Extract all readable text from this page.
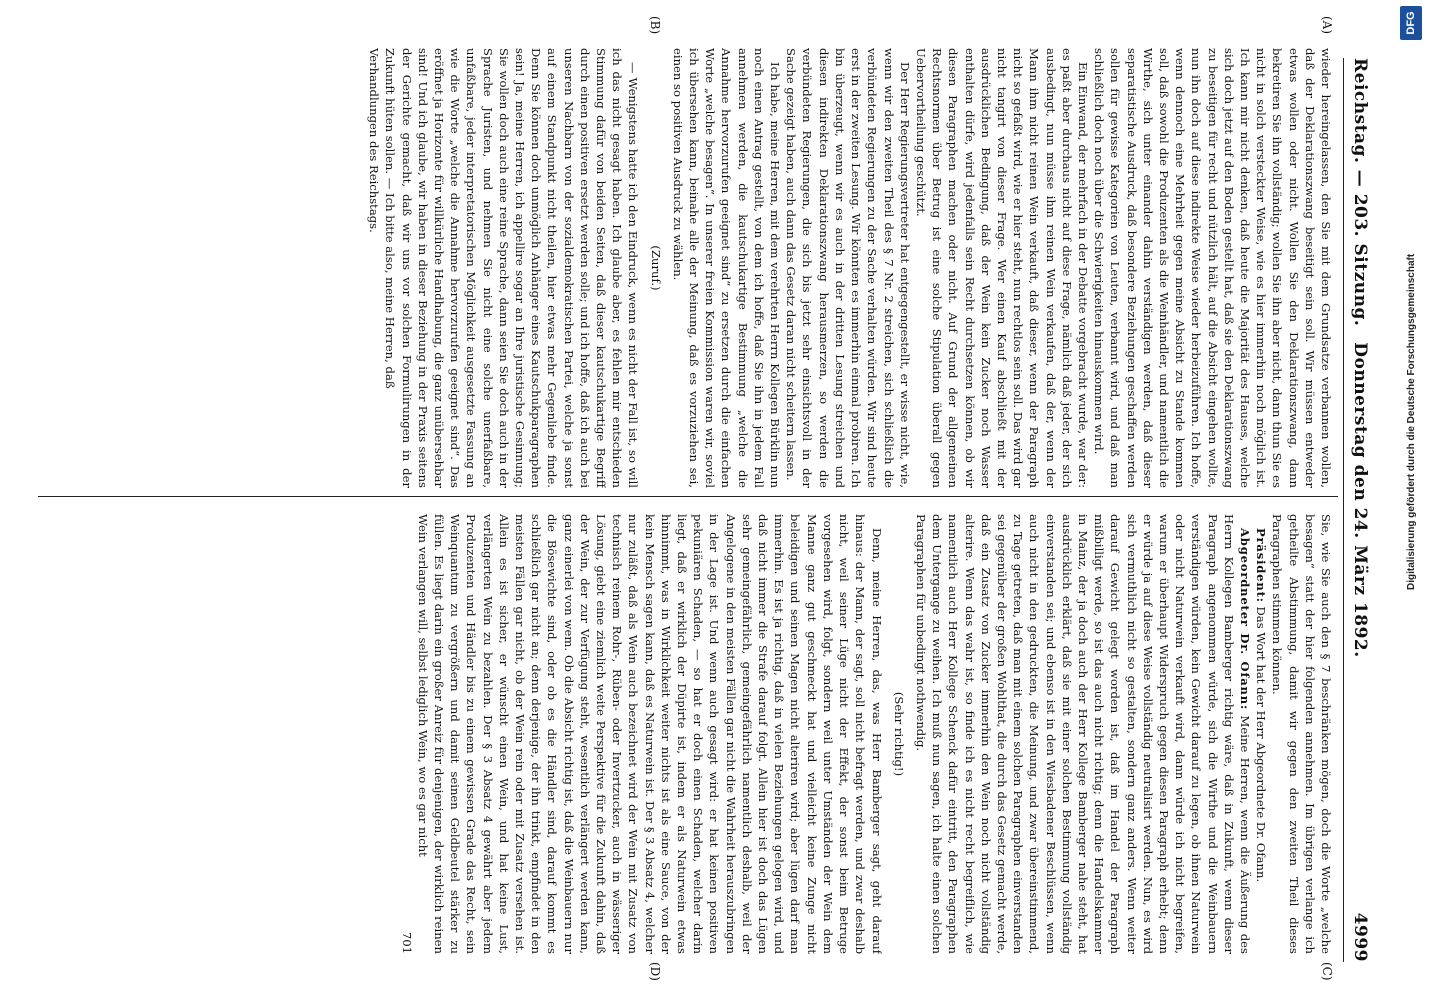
Reichstag. — 203. Sitzung.
Donnerstag den 24. März 1892.
4999
(A)
(B)
(C)
(D)

wieder hereingelassen, den Sie mit dem Grundsatze verbannen wollen, daß der Deklarationszwang beseitigt sein soll. Wir müssen entweder etwas wollen oder nicht. Wollen Sie den Deklarationszwang, dann bekretiren Sie ihn vollständig; wollen Sie ihn aber nicht, dann thun Sie es nicht in solch versteckter Weise, wie es hier immerhin noch möglich ist. Ich kann mir nicht denken, daß heute die Majorität des Hauses, welche sich doch jetzt auf den Boden gestellt hat, daß sie den Deklarationszwang zu beseitigen für recht und nützlich hält, auf die Absicht eingehen wollte, nun ihn doch auf diese indirekte Weise wieder herbeizuführen. Ich hoffe, wenn dennoch eine Mehrheit gegen meine Absicht zu Stande kommen soll, daß sowohl die Produzenten als die Weinhändler, und namentlich die Wirthe, sich unter einander dahin verständigen werden, daß dieser separatistische Ausdruck, daß besondere Beziehungen geschaffen werden sollen für gewisse Kategorien von Leuten, verbannt wird, und daß man schließlich doch noch über die Schwierigkeiten hinauskommen wird.

Ein Einwand, der mehrfach in der Debatte vorgebracht wurde, war der: es paßt aber durchaus nicht auf diese Frage, nämlich daß jeder, der sich ausbedingt, nun müsse ihm reinen Wein verkaufen, daß der, wenn der Mann ihm nicht reinen Wein verkauft, daß dieser, wenn der Paragraph nicht so gefaßt wird, wie er hier steht, nun rechtlos sein soll. Das wird gar nicht tangirt von dieser Frage. Wer einen Kauf abschließt mit der ausdrücklichen Bedingung, daß der Wein kein Zucker noch Wasser enthalten dürfe, wird jedenfalls sein Recht durchsetzen können, ob wir diesen Paragraphen machen oder nicht. Auf Grund der allgemeinen Rechtsnormen über Betrug ist eine solche Stipulation überall gegen Uebervortheilung geschützt.

Der Herr Regierungsvertreter hat entgegengestellt, er wisse nicht, wie, wenn wir den zweiten Theil des § 7 Nr. 2 streichen, sich schließlich die verbündeten Regierungen zu der Sache verhalten würden. Wir sind heute erst in der zweiten Lesung. Wir könnten es immerhin einmal probiren. Ich bin überzeugt, wenn wir es auch in der dritten Lesung streichen und diesen indirekten Deklarationszwang herausmerzen, so werden die verbündeten Regierungen, die sich bis jetzt sehr einsichtsvoll in der Sache gezeigt haben, auch dann das Gesetz daran nicht scheitern lassen.

Ich habe, meine Herren, mit dem verehrten Herrn Kollegen Bürklin nun noch einen Antrag gestellt, von dem ich hoffe, daß Sie ihn in jedem Fall annehmen werden, die kautschukartige Bestimmung „welche die Annahme hervorzurufen geeignet sind“ zu ersetzen durch die einfachen Worte „welche besagen“. In unserer freien Kommission waren wir, soviel ich übersehen kann, beinahe alle der Meinung, daß es vorzuziehen sei, einen so positiven Ausdruck zu wählen.

(Zuruf.)

— Wenigstens hatte ich den Eindruck, wenn es nicht der Fall ist, so will ich das nicht gesagt haben. Ich glaube aber, es fehlen mir entschieden Stimmung dafür von beiden Seiten, daß dieser kautschukartige Begriff durch einen positiven ersetzt werden solle; und ich hoffe, daß ich auch bei unseren Nachbarn von der sozialdemokratischen Partei, welche ja sonst auf einem Standpunkt nicht theilen, hier etwas mehr Gegenliebe finde. Denn Sie können doch unmöglich Anhänger eines Kautschukparagraphen sein! Ja, meine Herren, ich appellire sogar an Ihre juristische Gesinnung; Sie wollen doch auch eine reine Sprache, dann seien Sie doch auch in der Sprache Juristen, und nehmen Sie nicht eine solche unerfaßbare, unfaßbare, jeder interpretatorischen Möglichkeit ausgesetzte Fassung an wie die Worte „welche die Annahme hervorzurufen geeignet sind“. Das eröffnet ja Horizonte für willkürliche Handhabung, die ganz unübersehbar sind! Und ich glaube, wir haben in dieser Beziehung in der Praxis seitens der Gerichte gemacht, daß wir uns vor solchen Formulirungen in der Zukunft hüten sollen. — Ich bitte also, meine Herren, daß

Verhandlungen des Reichstags.

Sie, wie Sie auch den § 7 beschränken mögen, doch die Worte „welche besagen“ statt der hier folgenden annehmen. Im übrigen verlange ich getheilte Abstimmung, damit wir gegen den zweiten Theil dieses Paragraphen stimmen können.

Präsident: Das Wort hat der Herr Abgeordnete Dr. Ofann.

Abgeordneter Dr. Ofann: Meine Herren, wenn die Äußerung des Herrn Kollegen Bamberger richtig wäre, daß in Zukunft, wenn dieser Paragraph angenommen würde, sich die Wirthe und die Weinbauern verständigen würden, kein Gewicht darauf zu legen, ob ihnen Naturwein oder nicht Naturwein verkauft wird, dann würde ich nicht begreifen, warum er überhaupt Widerspruch gegen diesen Paragraph erhebt; denn er würde ja auf diese Weise vollständig neutralisirt werden. Nun, es wird sich vermuthlich nicht so gestalten, sondern ganz anders. Wenn weiter darauf Gewicht gelegt worden ist, daß im Handel der Paragraph mißbilligt werde, so ist das auch nicht richtig; denn die Handelskammer in Mainz, der ja doch auch der Herr Kollege Bamberger nahe steht, hat ausdrücklich erklärt, daß sie mit einer solchen Bestimmung vollständig einverstanden sei; und ebenso ist in den Wiesbadener Beschlüssen, wenn auch nicht in den gedruckten, die Meinung, und zwar übereinstimmend, zu Tage getreten, daß man mit einem solchen Paragraphen einverstanden sei gegenüber der großen Wohlthat, die durch das Gesetz gemacht werde, daß ein Zusatz von Zucker immerhin den Wein noch nicht vollständig alterire. Wenn das wahr ist, so finde ich es nicht recht begreiflich, wie namentlich auch Herr Kollege Schenck dafür eintritt, den Paragraphen dem Untergange zu weihen. Ich muß nun sagen, ich halte einen solchen Paragraphen für unbedingt nothwendig.

(Sehr richtig!)

Denn, meine Herren, das, was Herr Bamberger sagt, geht darauf hinaus: der Mann, der sagt, soll nicht befragt werden, und zwar deshalb nicht, weil seiner Lüge nicht der Effekt, der sonst beim Betruge vorgesehen wird, folgt, sondern weil unter Umständen der Wein dem Manne ganz gut geschmeckt hat und vielleicht keine Zunge nicht beleidigen und seinen Magen nicht alteriren wird; aber lügen darf man immerhin. Es ist ja richtig, daß in vielen Beziehungen gelogen wird, und daß nicht immer die Strafe darauf folgt. Allein hier ist doch das Lügen sehr gemeingefährlich, gemeingefährlich namentlich deshalb, weil der Angelogene in den meisten Fällen gar nicht die Wahrheit herauszubringen in der Lage ist. Und wenn auch gesagt wird: er hat keinen positiven pekuniären Schaden, — so hat er doch einen Schaden, welcher darin liegt, daß er wirklich der Düpirte ist, indem er als Naturwein etwas hinnimmt, was in Wirklichkeit weiter nichts ist als eine Sauce, von der kein Mensch sagen kann, daß es Naturwein ist. Der § 3 Absatz 4, welcher nur zuläßt, daß als Wein auch bezeichnet wird der Wein mit Zusatz von technisch reinem Rohr-, Rüben- oder Invertzucker, auch in wässeriger Lösung, giebt eine ziemlich weite Perspektive für die Zukunft dahin, daß der Wein, der zur Verfügung steht, wesentlich verlängert werden kann, ganz einerlei von wem. Ob die Absicht richtig ist, daß die Weinbauern nur die Bösewichte sind, oder ob es die Händler sind, darauf kommt es schließlich gar nicht an; denn derjenige, der ihn trinkt, empfindet in den meisten Fällen gar nicht, ob der Wein rein oder mit Zusatz versehen ist. Allein es ist sicher, er wünscht einen Wein, und hat keine Lust, verlängerten Wein zu bezahlen. Der § 3 Absatz 4 gewährt aber jedem Produzenten und Händler bis zu einem gewissen Grade das Recht, sein Weinquantum zu vergrößern und damit seinen Geldbeutel stärker zu füllen. Es liegt darin ein großer Anreiz für denjenigen, der wirklich reinen Wein verlangen will, selbst lediglich Wein, wo es gar nicht

701

Digitalisierung gefördert durch die Deutsche Forschungsgemeinschaft
DFG
